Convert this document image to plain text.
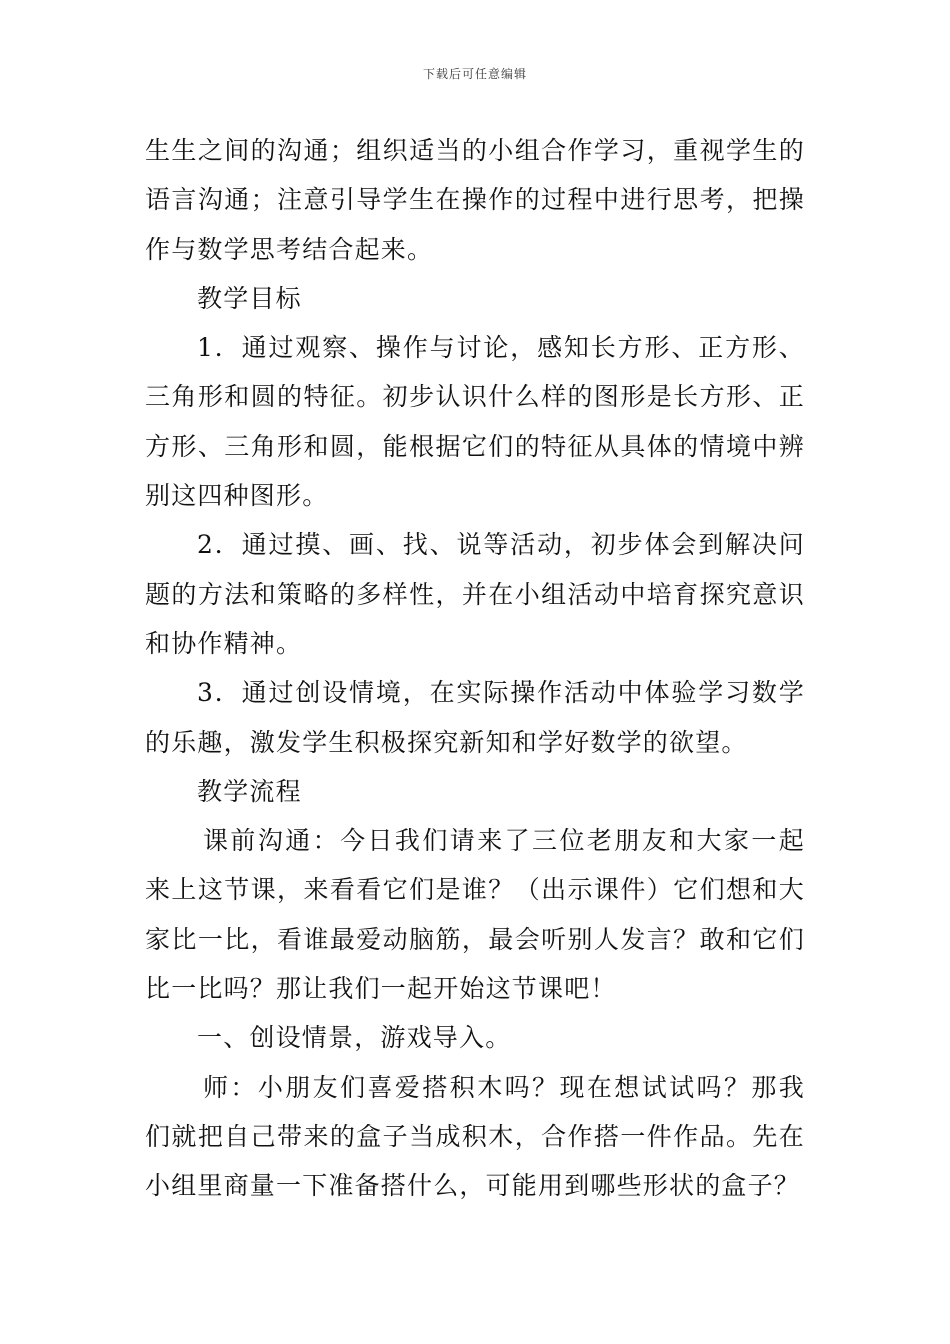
下载后可任意编辑

生生之间的沟通；组织适当的小组合作学习，重视学生的语言沟通；注意引导学生在操作的过程中进行思考，把操作与数学思考结合起来。

教学目标

1．通过观察、操作与讨论，感知长方形、正方形、三角形和圆的特征。初步认识什么样的图形是长方形、正方形、三角形和圆，能根据它们的特征从具体的情境中辨别这四种图形。

2．通过摸、画、找、说等活动，初步体会到解决问题的方法和策略的多样性，并在小组活动中培育探究意识和协作精神。

3．通过创设情境，在实际操作活动中体验学习数学的乐趣，激发学生积极探究新知和学好数学的欲望。

教学流程

课前沟通：今日我们请来了三位老朋友和大家一起来上这节课，来看看它们是谁？（出示课件）它们想和大家比一比，看谁最爱动脑筋，最会听别人发言？敢和它们比一比吗？那让我们一起开始这节课吧！

一、创设情景，游戏导入。

师：小朋友们喜爱搭积木吗？现在想试试吗？那我们就把自己带来的盒子当成积木，合作搭一件作品。先在小组里商量一下准备搭什么，可能用到哪些形状的盒子？
